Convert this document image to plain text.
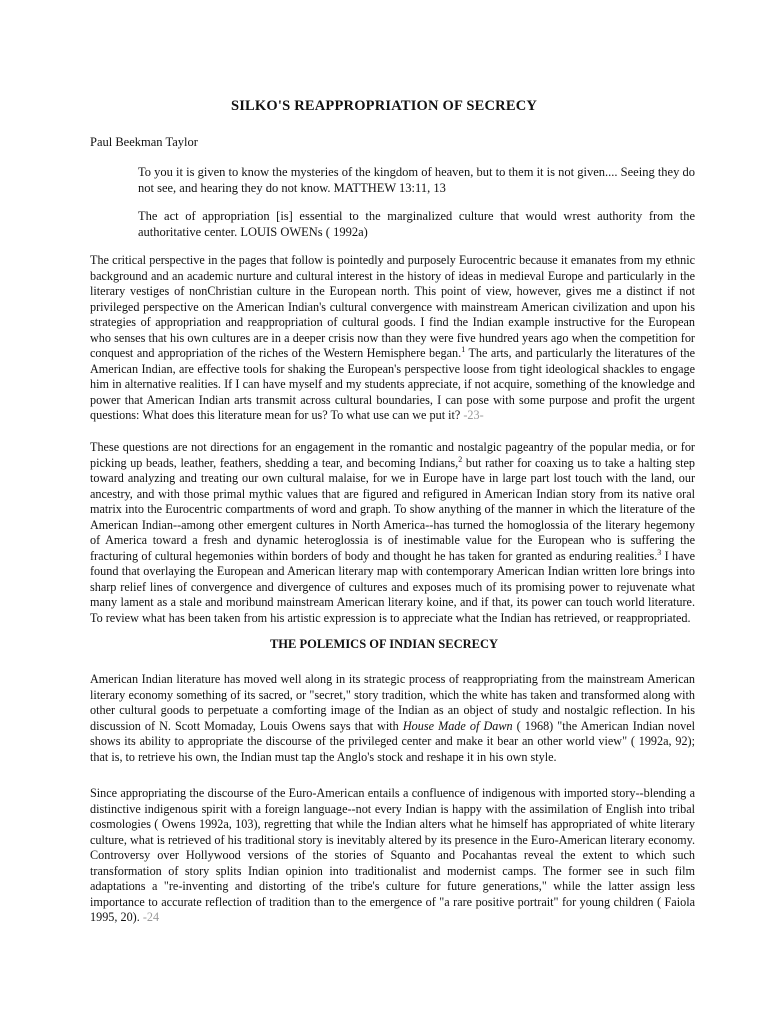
SILKO'S REAPPROPRIATION OF SECRECY
Paul Beekman Taylor
To you it is given to know the mysteries of the kingdom of heaven, but to them it is not given.... Seeing they do not see, and hearing they do not know. MATTHEW 13:11, 13
The act of appropriation [is] essential to the marginalized culture that would wrest authority from the authoritative center. LOUIS OWENs ( 1992a)
The critical perspective in the pages that follow is pointedly and purposely Eurocentric because it emanates from my ethnic background and an academic nurture and cultural interest in the history of ideas in medieval Europe and particularly in the literary vestiges of nonChristian culture in the European north. This point of view, however, gives me a distinct if not privileged perspective on the American Indian's cultural convergence with mainstream American civilization and upon his strategies of appropriation and reappropriation of cultural goods. I find the Indian example instructive for the European who senses that his own cultures are in a deeper crisis now than they were five hundred years ago when the competition for conquest and appropriation of the riches of the Western Hemisphere began.$^1$ The arts, and particularly the literatures of the American Indian, are effective tools for shaking the European's perspective loose from tight ideological shackles to engage him in alternative realities. If I can have myself and my students appreciate, if not acquire, something of the knowledge and power that American Indian arts transmit across cultural boundaries, I can pose with some purpose and profit the urgent questions: What does this literature mean for us? To what use can we put it? -23-
These questions are not directions for an engagement in the romantic and nostalgic pageantry of the popular media, or for picking up beads, leather, feathers, shedding a tear, and becoming Indians,$^2$ but rather for coaxing us to take a halting step toward analyzing and treating our own cultural malaise, for we in Europe have in large part lost touch with the land, our ancestry, and with those primal mythic values that are figured and refigured in American Indian story from its native oral matrix into the Eurocentric compartments of word and graph. To show anything of the manner in which the literature of the American Indian--among other emergent cultures in North America--has turned the homoglossia of the literary hegemony of America toward a fresh and dynamic heteroglossia is of inestimable value for the European who is suffering the fracturing of cultural hegemonies within borders of body and thought he has taken for granted as enduring realities.$^3$ I have found that overlaying the European and American literary map with contemporary American Indian written lore brings into sharp relief lines of convergence and divergence of cultures and exposes much of its promising power to rejuvenate what many lament as a stale and moribund mainstream American literary koine, and if that, its power can touch world literature. To review what has been taken from his artistic expression is to appreciate what the Indian has retrieved, or reappropriated.
THE POLEMICS OF INDIAN SECRECY
American Indian literature has moved well along in its strategic process of reappropriating from the mainstream American literary economy something of its sacred, or "secret," story tradition, which the white has taken and transformed along with other cultural goods to perpetuate a comforting image of the Indian as an object of study and nostalgic reflection. In his discussion of N. Scott Momaday, Louis Owens says that with House Made of Dawn ( 1968) "the American Indian novel shows its ability to appropriate the discourse of the privileged center and make it bear an other world view" ( 1992a, 92); that is, to retrieve his own, the Indian must tap the Anglo's stock and reshape it in his own style.
Since appropriating the discourse of the Euro-American entails a confluence of indigenous with imported story--blending a distinctive indigenous spirit with a foreign language--not every Indian is happy with the assimilation of English into tribal cosmologies ( Owens 1992a, 103), regretting that while the Indian alters what he himself has appropriated of white literary culture, what is retrieved of his traditional story is inevitably altered by its presence in the Euro-American literary economy. Controversy over Hollywood versions of the stories of Squanto and Pocahantas reveal the extent to which such transformation of story splits Indian opinion into traditionalist and modernist camps. The former see in such film adaptations a "re-inventing and distorting of the tribe's culture for future generations," while the latter assign less importance to accurate reflection of tradition than to the emergence of "a rare positive portrait" for young children ( Faiola 1995, 20). -24
